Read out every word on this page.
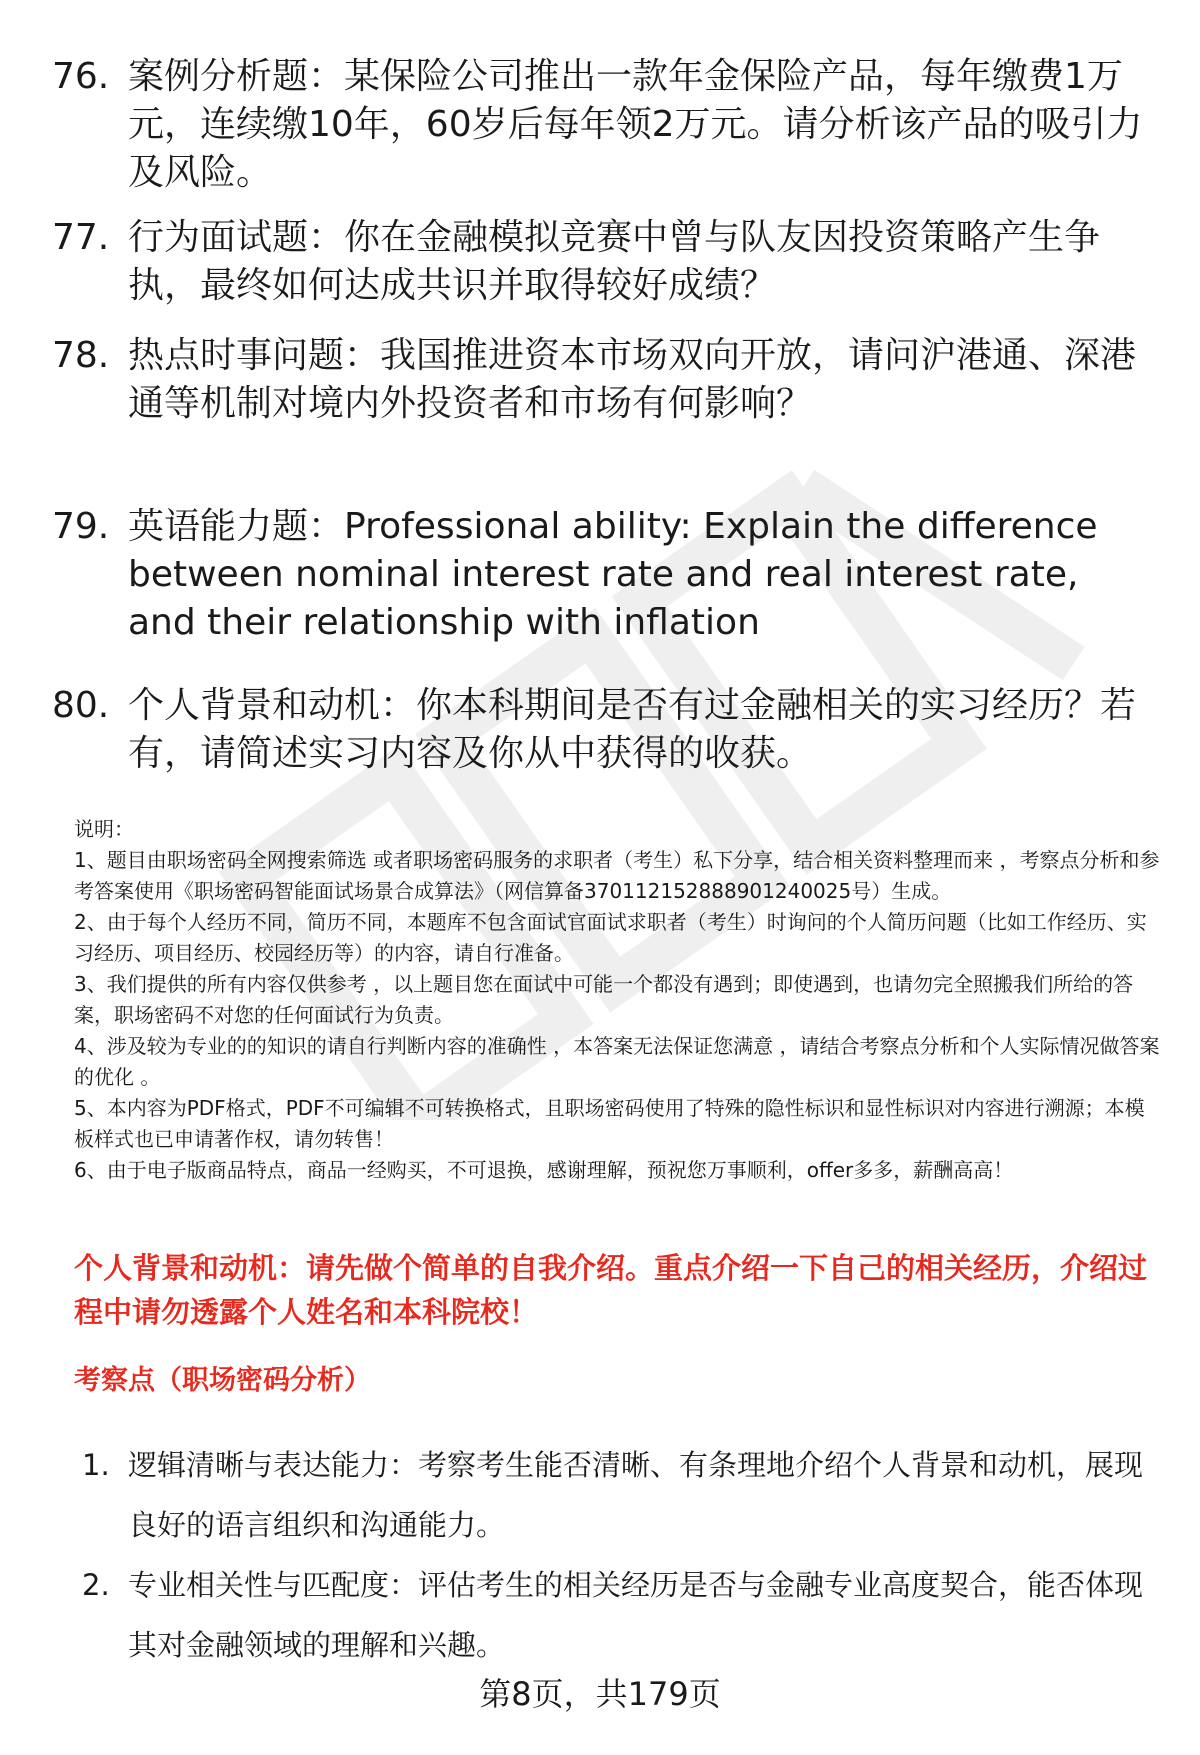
76. 案例分析题：某保险公司推出一款年金保险产品，每年缴费1万元，连续缴10年，60岁后每年领2万元。请分析该产品的吸引力及风险。
77. 行为面试题：你在金融模拟竞赛中曾与队友因投资策略产生争执，最终如何达成共识并取得较好成绩？
78. 热点时事问题：我国推进资本市场双向开放，请问沪港通、深港通等机制对境内外投资者和市场有何影响？
79. 英语能力题：Professional ability: Explain the difference between nominal interest rate and real interest rate, and their relationship with inflation
80. 个人背景和动机：你本科期间是否有过金融相关的实习经历？若有，请简述实习内容及你从中获得的收获。

说明：

1、题目由职场密码全网搜索筛选 或者职场密码服务的求职者（考生）私下分享，结合相关资料整理而来 ，考察点分析和参考答案使用《职场密码智能面试场景合成算法》（网信算备370112152888901240025号）生成。

2、由于每个人经历不同，简历不同，本题库不包含面试官面试求职者（考生）时询问的个人简历问题（比如工作经历、实习经历、项目经历、校园经历等）的内容，请自行准备。

3、我们提供的所有内容仅供参考 ，以上题目您在面试中可能一个都没有遇到；即使遇到，也请勿完全照搬我们所给的答案，职场密码不对您的任何面试行为负责。

4、涉及较为专业的的知识的请自行判断内容的准确性 ，本答案无法保证您满意 ，请结合考察点分析和个人实际情况做答案的优化 。

5、本内容为PDF格式，PDF不可编辑不可转换格式，且职场密码使用了特殊的隐性标识和显性标识对内容进行溯源；本模板样式也已申请著作权，请勿转售！

6、由于电子版商品特点，商品一经购买，不可退换，感谢理解，预祝您万事顺利，offer多多，薪酬高高！

个人背景和动机：请先做个简单的自我介绍。重点介绍一下自己的相关经历，介绍过程中请勿透露个人姓名和本科院校！
考察点（职场密码分析）
1. 逻辑清晰与表达能力：考察考生能否清晰、有条理地介绍个人背景和动机，展现良好的语言组织和沟通能力。
2. 专业相关性与匹配度：评估考生的相关经历是否与金融专业高度契合，能否体现其对金融领域的理解和兴趣。
第8页，共179页
